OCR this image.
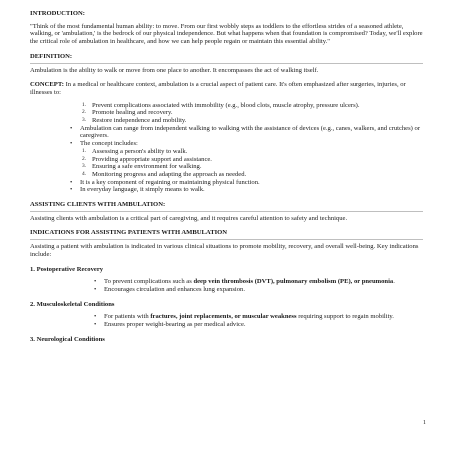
INTRODUCTION:

"Think of the most fundamental human ability: to move. From our first wobbly steps as toddlers to the effortless strides of a seasoned athlete, walking, or 'ambulation,' is the bedrock of our physical independence. But what happens when that foundation is compromised? Today, we'll explore the critical role of ambulation in healthcare, and how we can help people regain or maintain this essential ability."

DEFINITION:

Ambulation is the ability to walk or move from one place to another. It encompasses the act of walking itself.

CONCEPT: In a medical or healthcare context, ambulation is a crucial aspect of patient care. It's often emphasized after surgeries, injuries, or illnesses to:

1. Prevent complications associated with immobility (e.g., blood clots, muscle atrophy, pressure ulcers).
2. Promote healing and recovery.
3. Restore independence and mobility.
• Ambulation can range from independent walking to walking with the assistance of devices (e.g., canes, walkers, and crutches) or caregivers.
• The concept includes:
1. Assessing a person's ability to walk.
2. Providing appropriate support and assistance.
3. Ensuring a safe environment for walking.
4. Monitoring progress and adapting the approach as needed.
• It is a key component of regaining or maintaining physical function.
• In everyday language, it simply means to walk.

ASSISTING CLIENTS WITH AMBULATION:

Assisting clients with ambulation is a critical part of caregiving, and it requires careful attention to safety and technique.

INDICATIONS FOR ASSISTING PATIENTS WITH AMBULATION

Assisting a patient with ambulation is indicated in various clinical situations to promote mobility, recovery, and overall well-being. Key indications include:

1. Postoperative Recovery

• To prevent complications such as deep vein thrombosis (DVT), pulmonary embolism (PE), or pneumonia.
• Encourages circulation and enhances lung expansion.

2. Musculoskeletal Conditions

• For patients with fractures, joint replacements, or muscular weakness requiring support to regain mobility.
• Ensures proper weight-bearing as per medical advice.

3. Neurological Conditions

1
